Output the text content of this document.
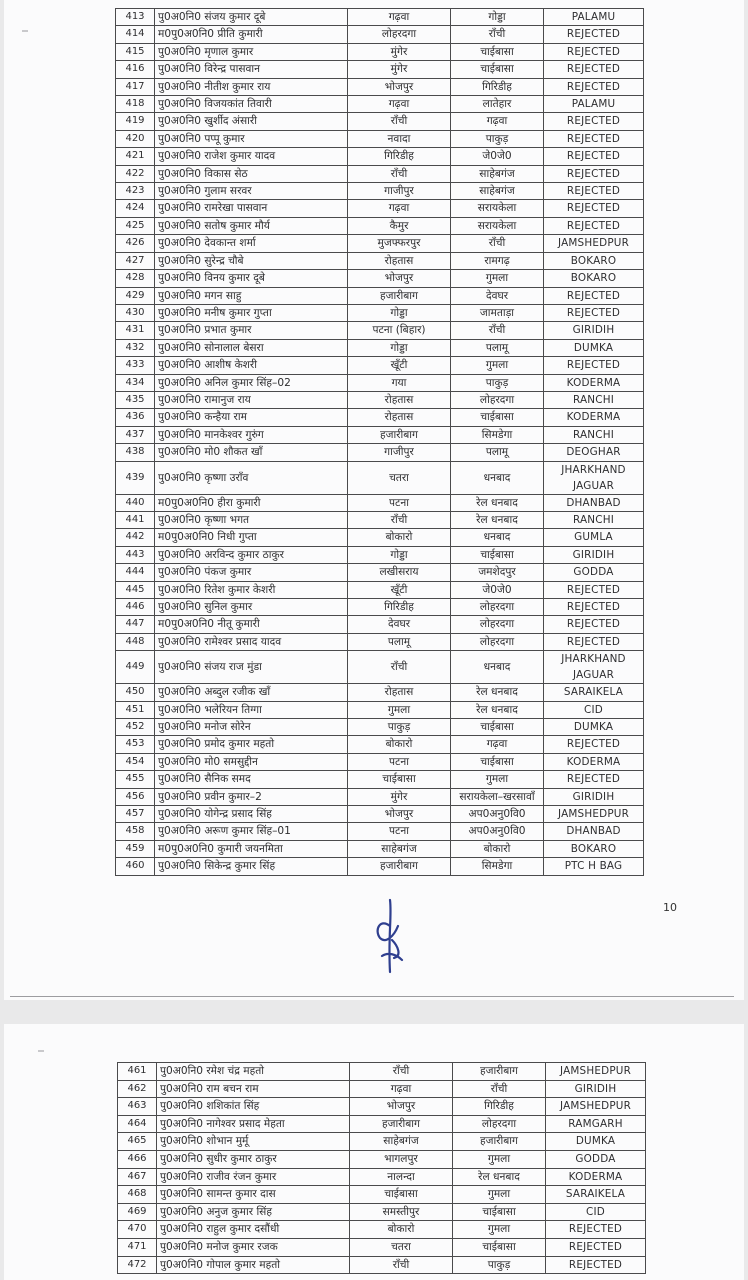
413	पु0अ0नि0 संजय कुमार दूबे	गढ़वा	गोड्डा	PALAMU
414	म0पु0अ0नि0 प्रीति कुमारी	लोहरदगा	राँची	REJECTED
415	पु0अ0नि0 मृणाल कुमार	मुंगेर	चाईबासा	REJECTED
416	पु0अ0नि0 विरेन्द्र पासवान	मुंगेर	चाईबासा	REJECTED
417	पु0अ0नि0 नीतीश कुमार राय	भोजपुर	गिरिडीह	REJECTED
418	पु0अ0नि0 विजयकांत तिवारी	गढ़वा	लातेहार	PALAMU
419	पु0अ0नि0 खुर्शीद अंसारी	राँची	गढ़वा	REJECTED
420	पु0अ0नि0 पप्पू कुमार	नवादा	पाकुड़	REJECTED
421	पु0अ0नि0 राजेश कुमार यादव	गिरिडीह	जे0जे0	REJECTED
422	पु0अ0नि0 विकास सेठ	राँची	साहेबगंज	REJECTED
423	पु0अ0नि0 गुलाम सरवर	गाजीपुर	साहेबगंज	REJECTED
424	पु0अ0नि0 रामरेखा पासवान	गढ़वा	सरायकेला	REJECTED
425	पु0अ0नि0 सतोष कुमार मौर्य	कैमुर	सरायकेला	REJECTED
426	पु0अ0नि0 देवकान्त शर्मा	मुजफ्फरपुर	राँची	JAMSHEDPUR
427	पु0अ0नि0 सुरेन्द्र चौबे	रोहतास	रामगढ़	BOKARO
428	पु0अ0नि0 विनय कुमार दूबे	भोजपुर	गुमला	BOKARO
429	पु0अ0नि0 मगन साहु	हजारीबाग	देवघर	REJECTED
430	पु0अ0नि0 मनीष कुमार गुप्ता	गोड्डा	जामताड़ा	REJECTED
431	पु0अ0नि0 प्रभात कुमार	पटना (बिहार)	राँची	GIRIDIH
432	पु0अ0नि0 सोनालाल बेसरा	गोड्डा	पलामू	DUMKA
433	पु0अ0नि0 आशीष केशरी	खूँटी	गुमला	REJECTED
434	पु0अ0नि0 अनिल कुमार सिंह–02	गया	पाकुड़	KODERMA
435	पु0अ0नि0 रामानुज राय	रोहतास	लोहरदगा	RANCHI
436	पु0अ0नि0 कन्हैया राम	रोहतास	चाईबासा	KODERMA
437	पु0अ0नि0 मानकेश्वर गुरुंग	हजारीबाग	सिमडेगा	RANCHI
438	पु0अ0नि0 मो0 शौकत खाँ	गाजीपुर	पलामू	DEOGHAR
439	पु0अ0नि0 कृष्णा उराँव	चतरा	धनबाद	JHARKHAND JAGUAR
440	म0पु0अ0नि0 हीरा कुमारी	पटना	रेल धनबाद	DHANBAD
441	पु0अ0नि0 कृष्णा भगत	राँची	रेल धनबाद	RANCHI
442	म0पु0अ0नि0 निधी गुप्ता	बोकारो	धनबाद	GUMLA
443	पु0अ0नि0 अरविन्द कुमार ठाकुर	गोड्डा	चाईबासा	GIRIDIH
444	पु0अ0नि0 पंकज कुमार	लखीसराय	जमशेदपुर	GODDA
445	पु0अ0नि0 रितेश कुमार केशरी	खूँटी	जे0जे0	REJECTED
446	पु0अ0नि0 सुनिल कुमार	गिरिडीह	लोहरदगा	REJECTED
447	म0पु0अ0नि0 नीतू कुमारी	देवघर	लोहरदगा	REJECTED
448	पु0अ0नि0 रामेश्वर प्रसाद यादव	पलामू	लोहरदगा	REJECTED
449	पु0अ0नि0 संजय राज मुंडा	राँची	धनबाद	JHARKHAND JAGUAR
450	पु0अ0नि0 अब्दुल रजीक खाँ	रोहतास	रेल धनबाद	SARAIKELA
451	पु0अ0नि0 भलेरियन तिग्गा	गुमला	रेल धनबाद	CID
452	पु0अ0नि0 मनोज सोरेन	पाकुड़	चाईबासा	DUMKA
453	पु0अ0नि0 प्रमोद कुमार महतो	बोकारो	गढ़वा	REJECTED
454	पु0अ0नि0 मो0 समसुद्दीन	पटना	चाईबासा	KODERMA
455	पु0अ0नि0 सैनिक समद	चाईबासा	गुमला	REJECTED
456	पु0अ0नि0 प्रवीन कुमार–2	मुंगेर	सरायकेला–खरसावाँ	GIRIDIH
457	पु0अ0नि0 योगेन्द्र प्रसाद सिंह	भोजपुर	अप0अनु0वि0	JAMSHEDPUR
458	पु0अ0नि0 अरूण कुमार सिंह–01	पटना	अप0अनु0वि0	DHANBAD
459	म0पु0अ0नि0 कुमारी जयनमिता	साहेबगंज	बोकारो	BOKARO
460	पु0अ0नि0 सिकेन्द्र कुमार सिंह	हजारीबाग	सिमडेगा	PTC H BAG
10
461	पु0अ0नि0 रमेश चंद्र महतो	राँची	हजारीबाग	JAMSHEDPUR
462	पु0अ0नि0 राम बचन राम	गढ़वा	राँची	GIRIDIH
463	पु0अ0नि0 शशिकांत सिंह	भोजपुर	गिरिडीह	JAMSHEDPUR
464	पु0अ0नि0 नागेश्वर प्रसाद मेहता	हजारीबाग	लोहरदगा	RAMGARH
465	पु0अ0नि0 शोभान मुर्मू	साहेबगंज	हजारीबाग	DUMKA
466	पु0अ0नि0 सुधीर कुमार ठाकुर	भागलपुर	गुमला	GODDA
467	पु0अ0नि0 राजीव रंजन कुमार	नालन्दा	रेल धनबाद	KODERMA
468	पु0अ0नि0 सामन्त कुमार दास	चाईबासा	गुमला	SARAIKELA
469	पु0अ0नि0 अनुज कुमार सिंह	समस्तीपुर	चाईबासा	CID
470	पु0अ0नि0 राहुल कुमार दसौंधी	बोकारो	गुमला	REJECTED
471	पु0अ0नि0 मनोज कुमार रजक	चतरा	चाईबासा	REJECTED
472	पु0अ0नि0 गोपाल कुमार महतो	राँची	पाकुड़	REJECTED
